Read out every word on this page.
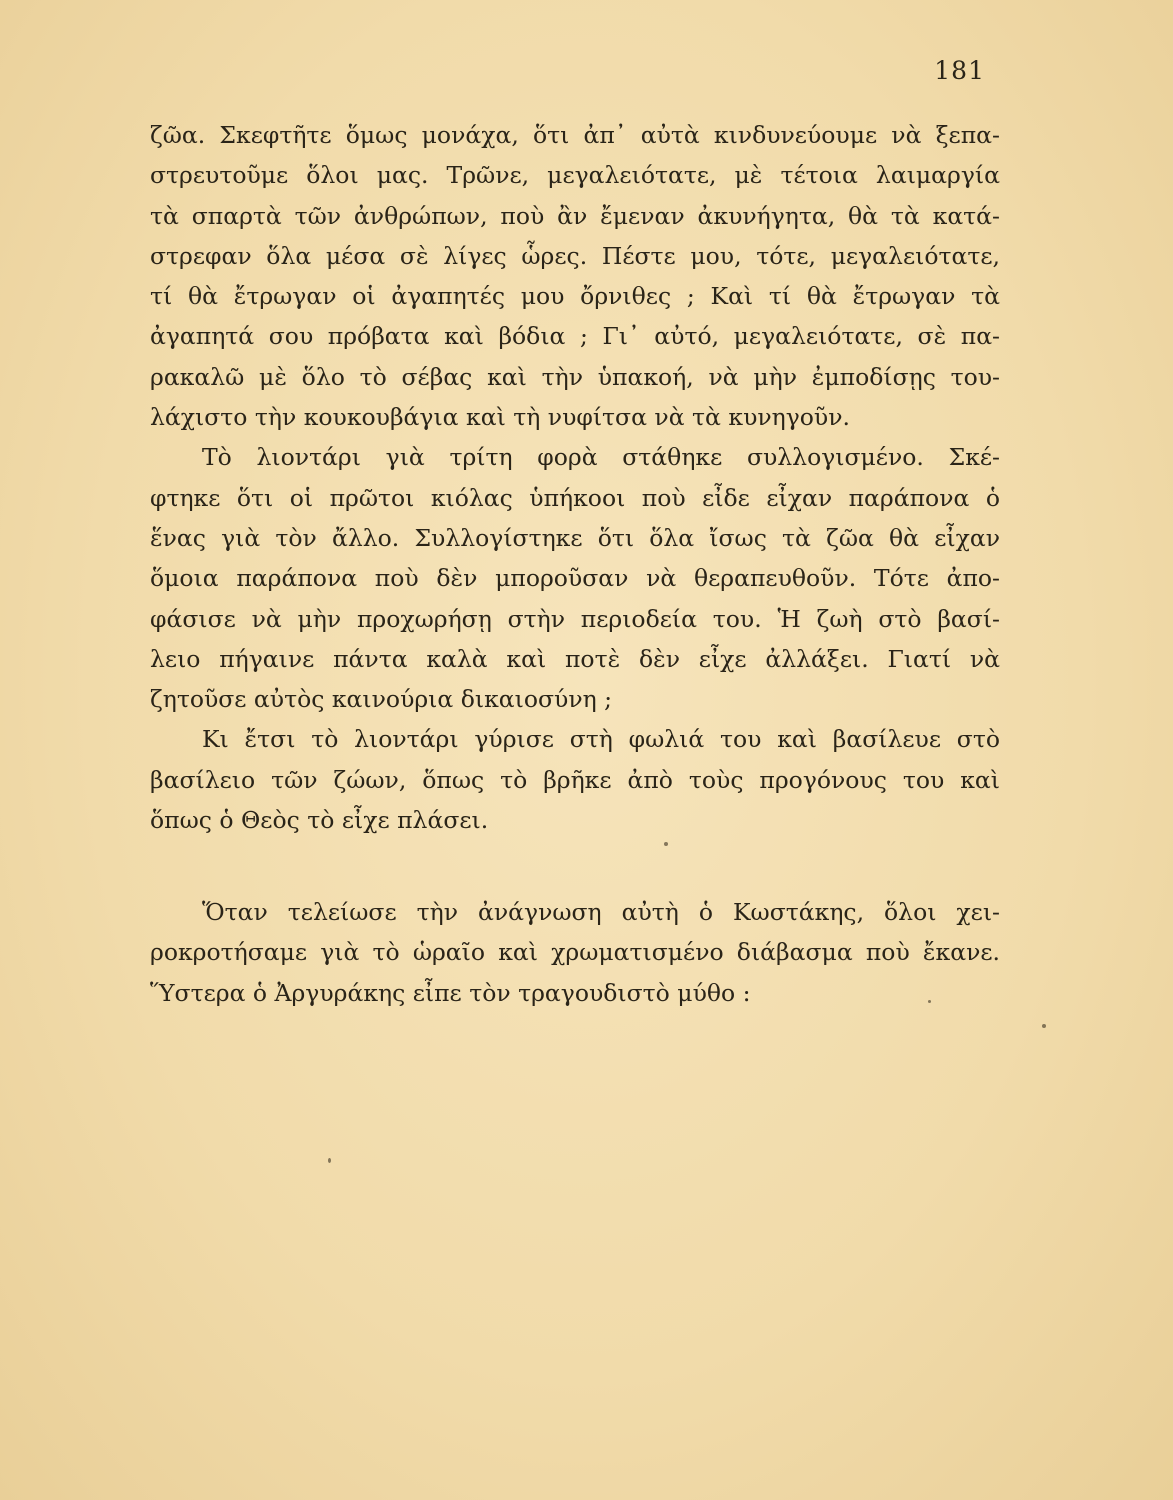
181
ζῶα. Σκεφτῆτε ὅμως μονάχα, ὅτι ἀπ᾽ αὐτὰ κινδυνεύουμε νὰ ξεπα-
στρευτοῦμε ὅλοι μας. Τρῶνε, μεγαλειότατε, μὲ τέτοια λαιμαργία
τὰ σπαρτὰ τῶν ἀνθρώπων, ποὺ ἂν ἔμεναν ἀκυνήγητα, θὰ τὰ κατά-
στρεφαν ὅλα μέσα σὲ λίγες ὧρες. Πέστε μου, τότε, μεγαλειότατε,
τί θὰ ἔτρωγαν οἱ ἀγαπητές μου ὄρνιθες ; Καὶ τί θὰ ἔτρωγαν τὰ
ἀγαπητά σου πρόβατα καὶ βόδια ; Γι᾽ αὐτό, μεγαλειότατε, σὲ πα-
ρακαλῶ μὲ ὅλο τὸ σέβας καὶ τὴν ὑπακοή, νὰ μὴν ἐμποδίσῃς του-
λάχιστο τὴν κουκουβάγια καὶ τὴ νυφίτσα νὰ τὰ κυνηγοῦν.
Τὸ λιοντάρι γιὰ τρίτη φορὰ στάθηκε συλλογισμένο. Σκέ-
φτηκε ὅτι οἱ πρῶτοι κιόλας ὑπήκοοι ποὺ εἶδε εἶχαν παράπονα ὁ
ἕνας γιὰ τὸν ἄλλο. Συλλογίστηκε ὅτι ὅλα ἴσως τὰ ζῶα θὰ εἶχαν
ὅμοια παράπονα ποὺ δὲν μποροῦσαν νὰ θεραπευθοῦν. Τότε ἀπο-
φάσισε νὰ μὴν προχωρήσῃ στὴν περιοδεία του. Ἡ ζωὴ στὸ βασί-
λειο πήγαινε πάντα καλὰ καὶ ποτὲ δὲν εἶχε ἀλλάξει. Γιατί νὰ
ζητοῦσε αὐτὸς καινούρια δικαιοσύνη ;
Κι ἔτσι τὸ λιοντάρι γύρισε στὴ φωλιά του καὶ βασίλευε στὸ
βασίλειο τῶν ζώων, ὅπως τὸ βρῆκε ἀπὸ τοὺς προγόνους του καὶ
ὅπως ὁ Θεὸς τὸ εἶχε πλάσει.
Ὅταν τελείωσε τὴν ἀνάγνωση αὐτὴ ὁ Κωστάκης, ὅλοι χει-
ροκροτήσαμε γιὰ τὸ ὡραῖο καὶ χρωματισμένο διάβασμα ποὺ ἔκανε.
Ὕστερα ὁ Ἀργυράκης εἶπε τὸν τραγουδιστὸ μύθο :
